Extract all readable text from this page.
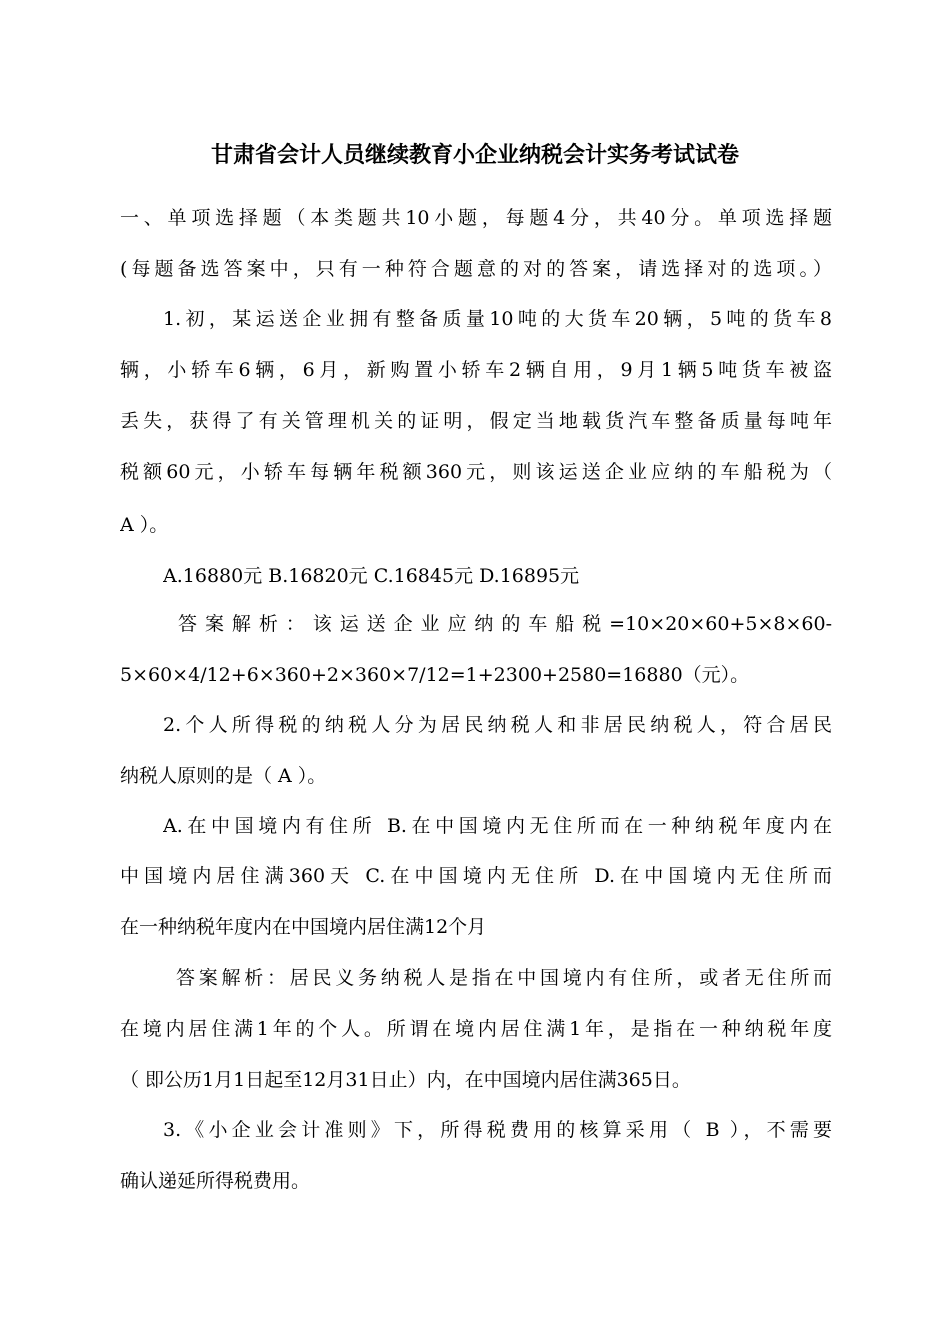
甘肃省会计人员继续教育小企业纳税会计实务考试试卷
一、单项选择题（本类题共10小题，每题4分，共40分。单项选择题
(每题备选答案中，只有一种符合题意的对的答案，请选择对的选项。）
1.初，某运送企业拥有整备质量10吨的大货车20辆，5吨的货车8
辆，小轿车6辆，6月，新购置小轿车2辆自用，9月1辆5吨货车被盗
丢失，获得了有关管理机关的证明，假定当地载货汽车整备质量每吨年
税额60元，小轿车每辆年税额360元，则该运送企业应纳的车船税为（
A ）。
A.16880元 B.16820元 C.16845元 D.16895元
答案解析：该运送企业应纳的车船税=10×20×60+5×8×60-
5×60×4/12+6×360+2×360×7/12=1+2300+2580=16880（元）。
2.个人所得税的纳税人分为居民纳税人和非居民纳税人，符合居民
纳税人原则的是（ A ）。
A.在中国境内有住所 B.在中国境内无住所而在一种纳税年度内在
中国境内居住满360天 C.在中国境内无住所 D.在中国境内无住所而
在一种纳税年度内在中国境内居住满12个月
答案解析：居民义务纳税人是指在中国境内有住所，或者无住所而
在境内居住满1年的个人。所谓在境内居住满1年，是指在一种纳税年度
（ 即公历1月1日起至12月31日止）内，在中国境内居住满365日。
3.《小企业会计准则》下，所得税费用的核算采用（ B ），不需要
确认递延所得税费用。
